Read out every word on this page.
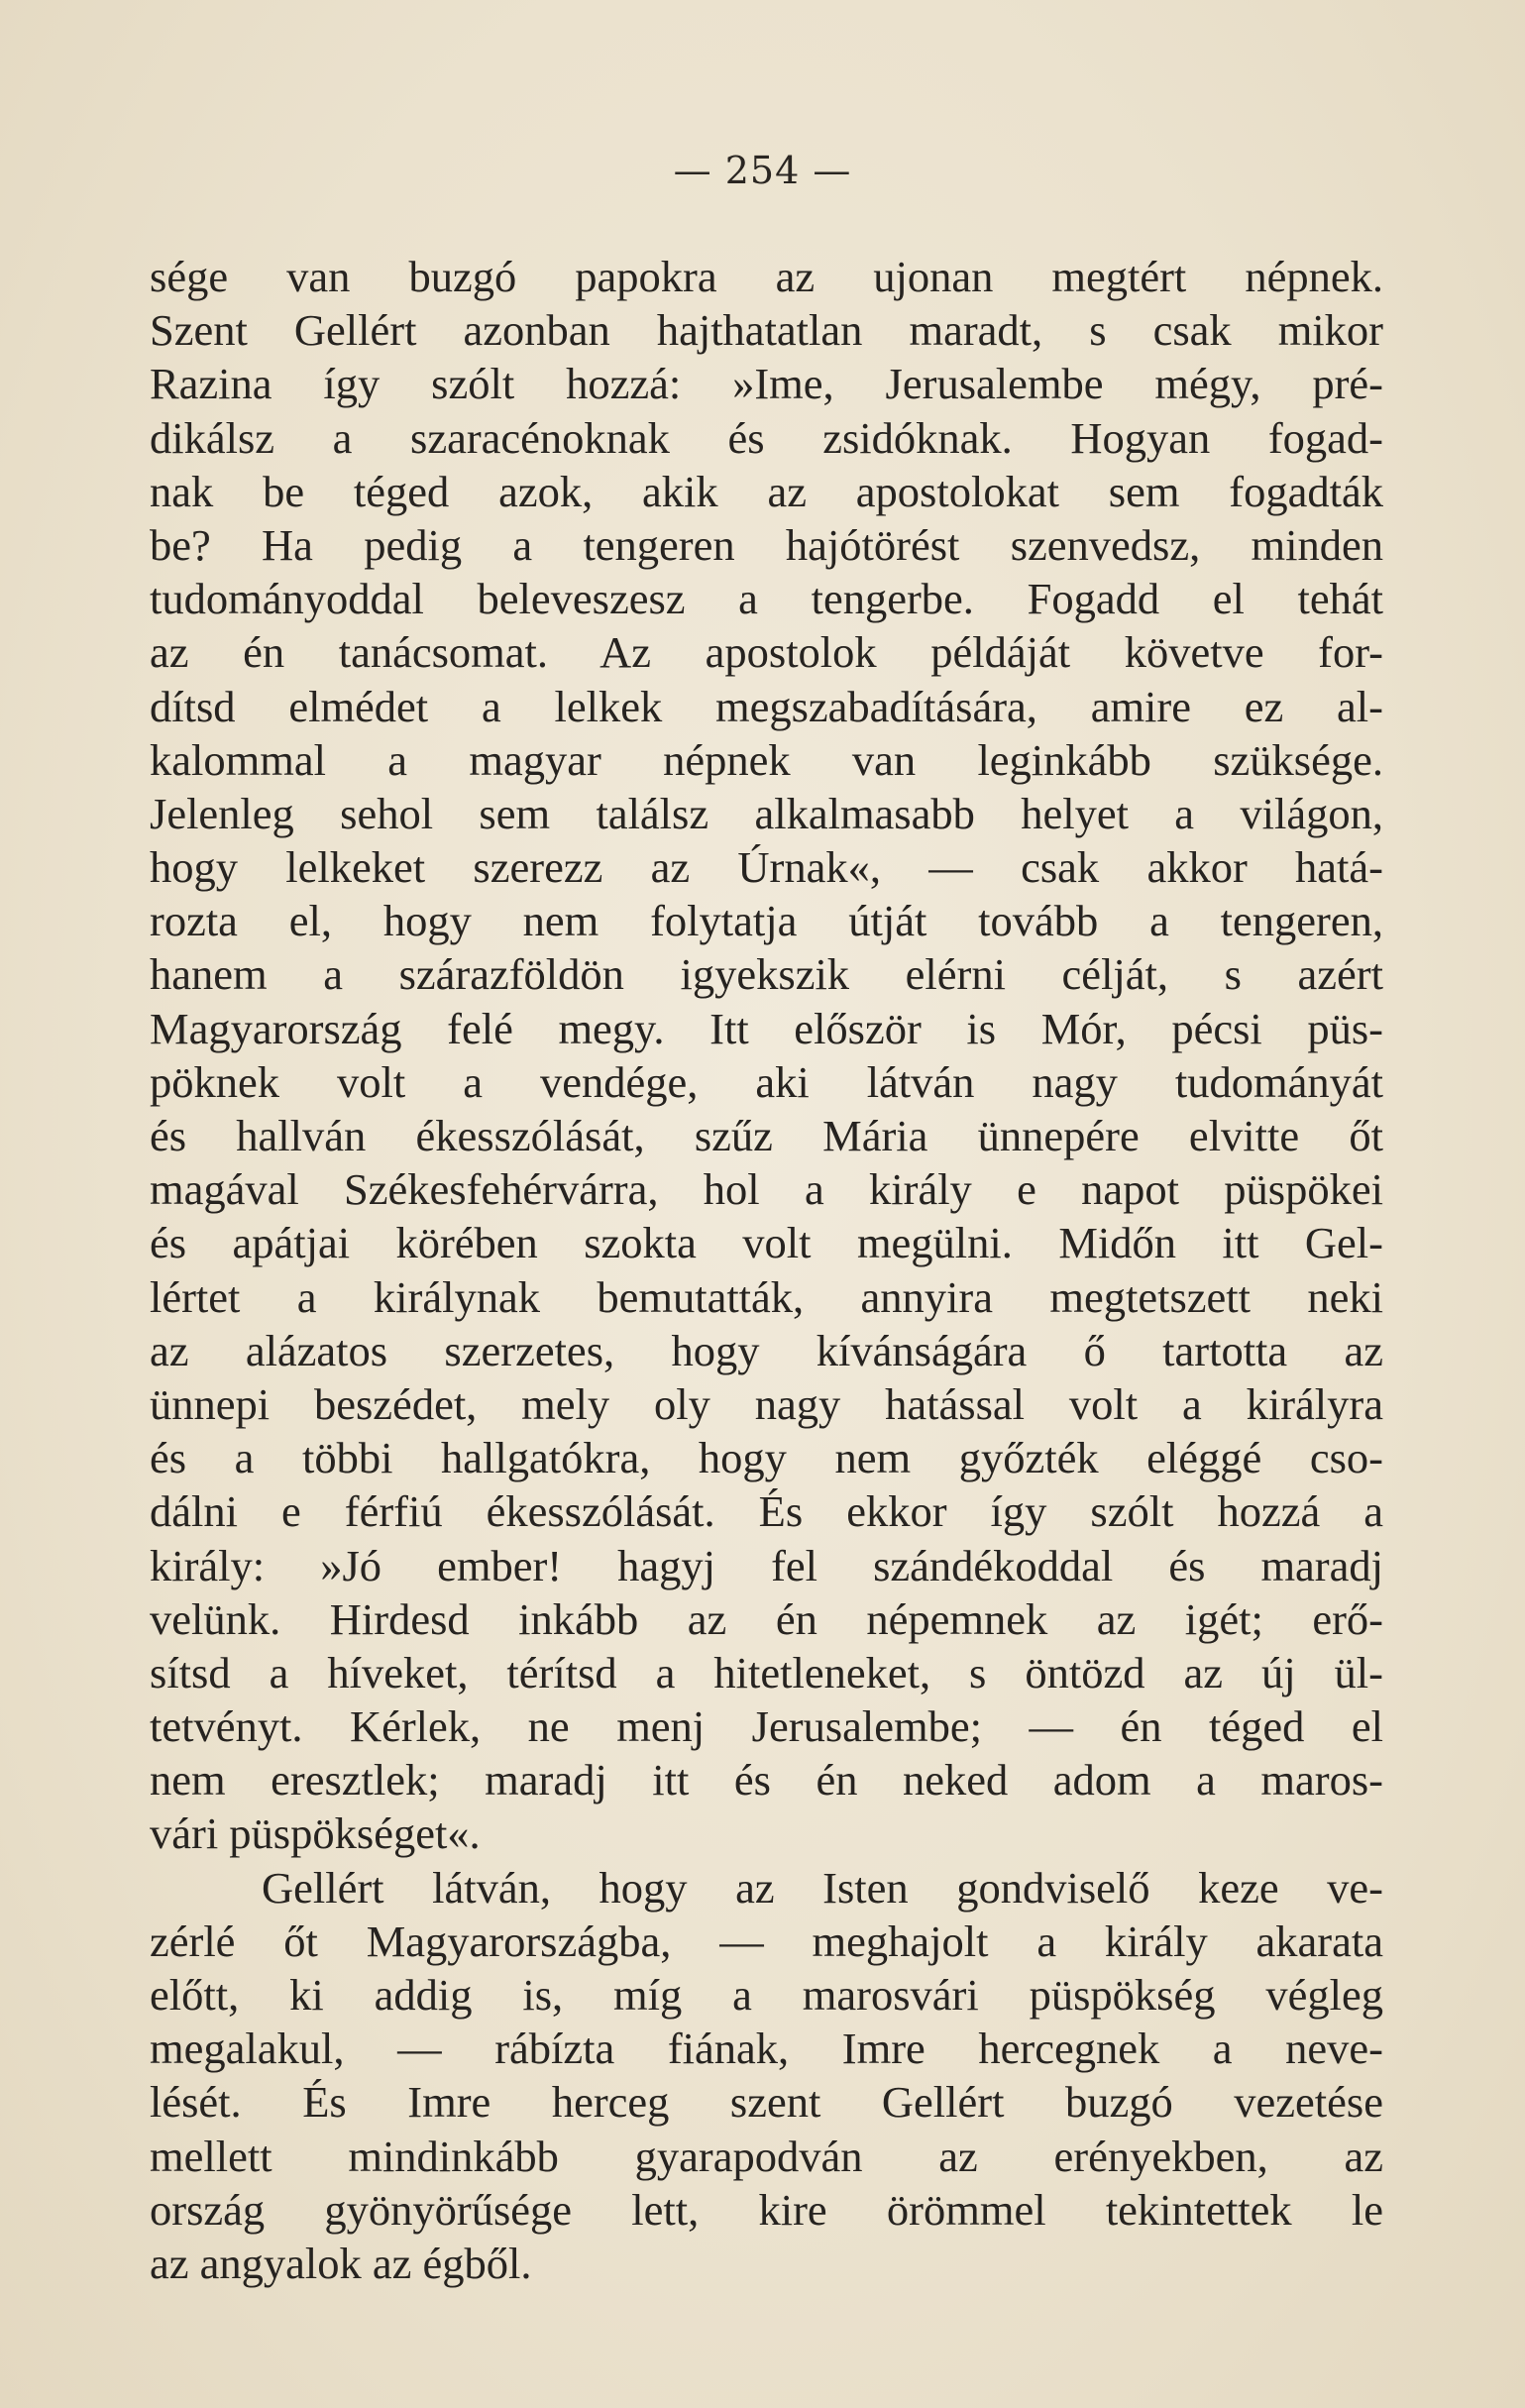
— 254 —
sége van buzgó papokra az ujonan megtért népnek.
Szent Gellért azonban hajthatatlan maradt, s csak mikor
Razina így szólt hozzá: »Ime, Jerusalembe mégy, pré-
dikálsz a szaracénoknak és zsidóknak. Hogyan fogad-
nak be téged azok, akik az apostolokat sem fogadták
be? Ha pedig a tengeren hajótörést szenvedsz, minden
tudományoddal beleveszesz a tengerbe. Fogadd el tehát
az én tanácsomat. Az apostolok példáját követve for-
dítsd elmédet a lelkek megszabadítására, amire ez al-
kalommal a magyar népnek van leginkább szüksége.
Jelenleg sehol sem találsz alkalmasabb helyet a világon,
hogy lelkeket szerezz az Úrnak«, — csak akkor hatá-
rozta el, hogy nem folytatja útját tovább a tengeren,
hanem a szárazföldön igyekszik elérni célját, s azért
Magyarország felé megy. Itt először is Mór, pécsi püs-
pöknek volt a vendége, aki látván nagy tudományát
és hallván ékesszólását, szűz Mária ünnepére elvitte őt
magával Székesfehérvárra, hol a király e napot püspökei
és apátjai körében szokta volt megülni. Midőn itt Gel-
lértet a királynak bemutatták, annyira megtetszett neki
az alázatos szerzetes, hogy kívánságára ő tartotta az
ünnepi beszédet, mely oly nagy hatással volt a királyra
és a többi hallgatókra, hogy nem győzték eléggé cso-
dálni e férfiú ékesszólását. És ekkor így szólt hozzá a
király: »Jó ember! hagyj fel szándékoddal és maradj
velünk. Hirdesd inkább az én népemnek az igét; erő-
sítsd a híveket, térítsd a hitetleneket, s öntözd az új ül-
tetvényt. Kérlek, ne menj Jerusalembe; — én téged el
nem eresztlek; maradj itt és én neked adom a maros-
vári püspökséget«.
Gellért látván, hogy az Isten gondviselő keze ve-
zérlé őt Magyarországba, — meghajolt a király akarata
előtt, ki addig is, míg a marosvári püspökség végleg
megalakul, — rábízta fiának, Imre hercegnek a neve-
lését. És Imre herceg szent Gellért buzgó vezetése
mellett mindinkább gyarapodván az erényekben, az
ország gyönyörűsége lett, kire örömmel tekintettek le
az angyalok az égből.
